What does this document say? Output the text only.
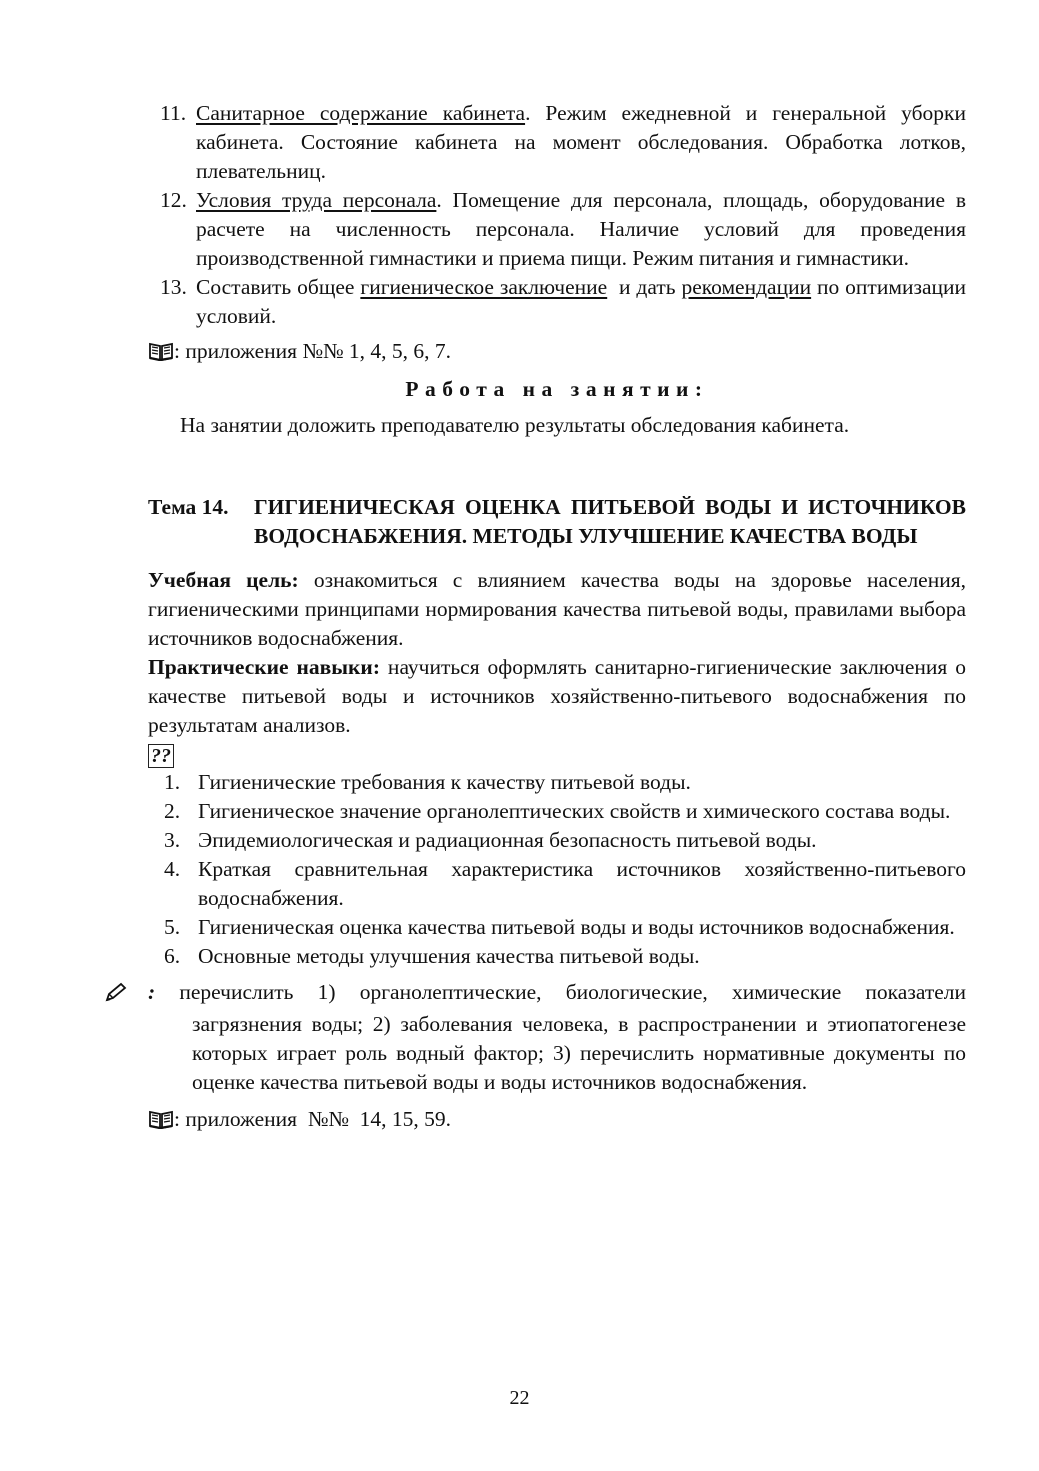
11. Санитарное содержание кабинета. Режим ежедневной и генеральной уборки кабинета. Состояние кабинета на момент обследования. Обработка лотков, плевательниц.
12. Условия труда персонала. Помещение для персонала, площадь, оборудование в расчете на численность персонала. Наличие условий для проведения производственной гимнастики и приема пищи. Режим питания и гимнастики.
13. Составить общее гигиеническое заключение  и дать рекомендации по оптимизации условий.

: приложения №№ 1, 4, 5, 6, 7.

Работа на занятии:

На занятии доложить преподавателю результаты обследования кабинета.

Тема 14.	ГИГИЕНИЧЕСКАЯ ОЦЕНКА ПИТЬЕВОЙ ВОДЫ И ИСТОЧНИКОВ ВОДОСНАБЖЕНИЯ. МЕТОДЫ УЛУЧШЕНИЕ КАЧЕСТВА ВОДЫ

Учебная цель: ознакомиться с влиянием качества воды на здоровье населения, гигиеническими принципами нормирования качества питьевой воды, правилами выбора источников водоснабжения.

Практические навыки: научиться оформлять санитарно-гигиенические заключения о качестве питьевой воды и источников хозяйственно-питьевого водоснабжения по результатам анализов.

??
1. Гигиенические требования к качеству питьевой воды.
2. Гигиеническое значение органолептических свойств и химического состава воды.
3. Эпидемиологическая и радиационная безопасность питьевой воды.
4. Краткая сравнительная характеристика источников хозяйственно-питьевого водоснабжения.
5. Гигиеническая оценка качества питьевой воды и воды источников водоснабжения.
6. Основные методы улучшения качества питьевой воды.

: перечислить 1) органолептические, биологические, химические показатели загрязнения воды; 2) заболевания человека, в распространении и этиопатогенезе которых играет роль водный фактор; 3) перечислить нормативные документы по оценке качества питьевой воды и воды источников водоснабжения.

: приложения  №№  14, 15, 59.

22
